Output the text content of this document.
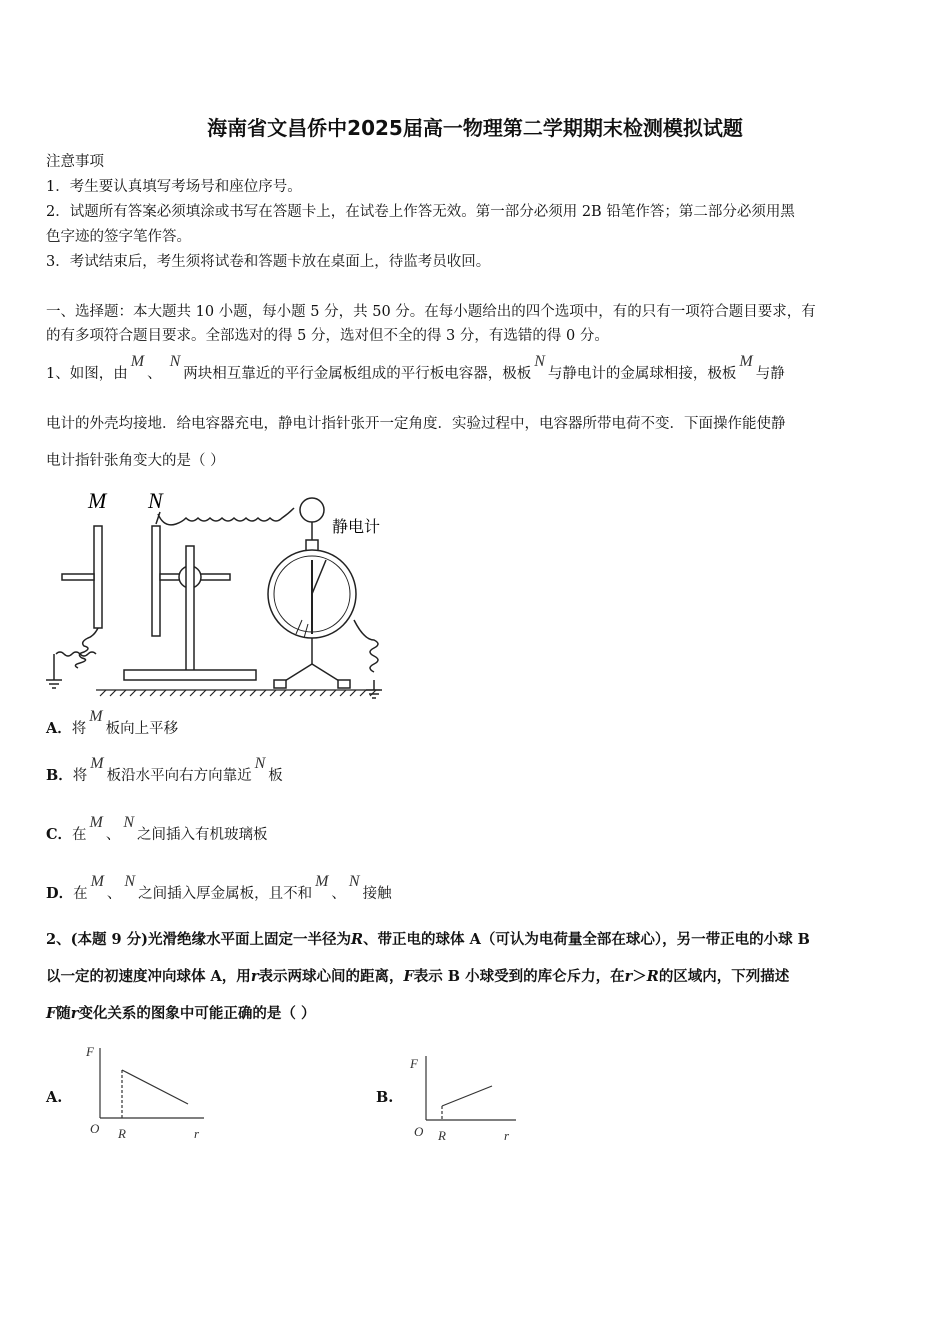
海南省文昌侨中2025届高一物理第二学期期末检测模拟试题
注意事项
1．考生要认真填写考场号和座位序号。
2．试题所有答案必须填涂或书写在答题卡上，在试卷上作答无效。第一部分必须用 2B 铅笔作答；第二部分必须用黑
色字迹的签字笔作答。
3．考试结束后，考生须将试卷和答题卡放在桌面上，待监考员收回。
一、选择题：本大题共 10 小题，每小题 5 分，共 50 分。在每小题给出的四个选项中，有的只有一项符合题目要求，有
的有多项符合题目要求。全部选对的得 5 分，选对但不全的得 3 分，有选错的得 0 分。
1、如图，由M、N两块相互靠近的平行金属板组成的平行板电容器，极板N与静电计的金属球相接，极板M与静
电计的外壳均接地．给电容器充电，静电计指针张开一定角度．实验过程中，电容器所带电荷不变．下面操作能使静
电计指针张角变大的是（ ）
M N
静电计
A．将M板向上平移
B．将M板沿水平向右方向靠近N板
C．在M、N之间插入有机玻璃板
D．在M、N之间插入厚金属板，且不和M、N接触
2、(本题 9 分)光滑绝缘水平面上固定一半径为R、带正电的球体 A（可认为电荷量全部在球心），另一带正电的小球 B
以一定的初速度冲向球体 A，用r表示两球心间的距离，F表示 B 小球受到的库仑斥力，在r＞R的区域内，下列描述
F随r变化关系的图象中可能正确的是（ ）
A.
F
O R	r
B.
F
O R	r
